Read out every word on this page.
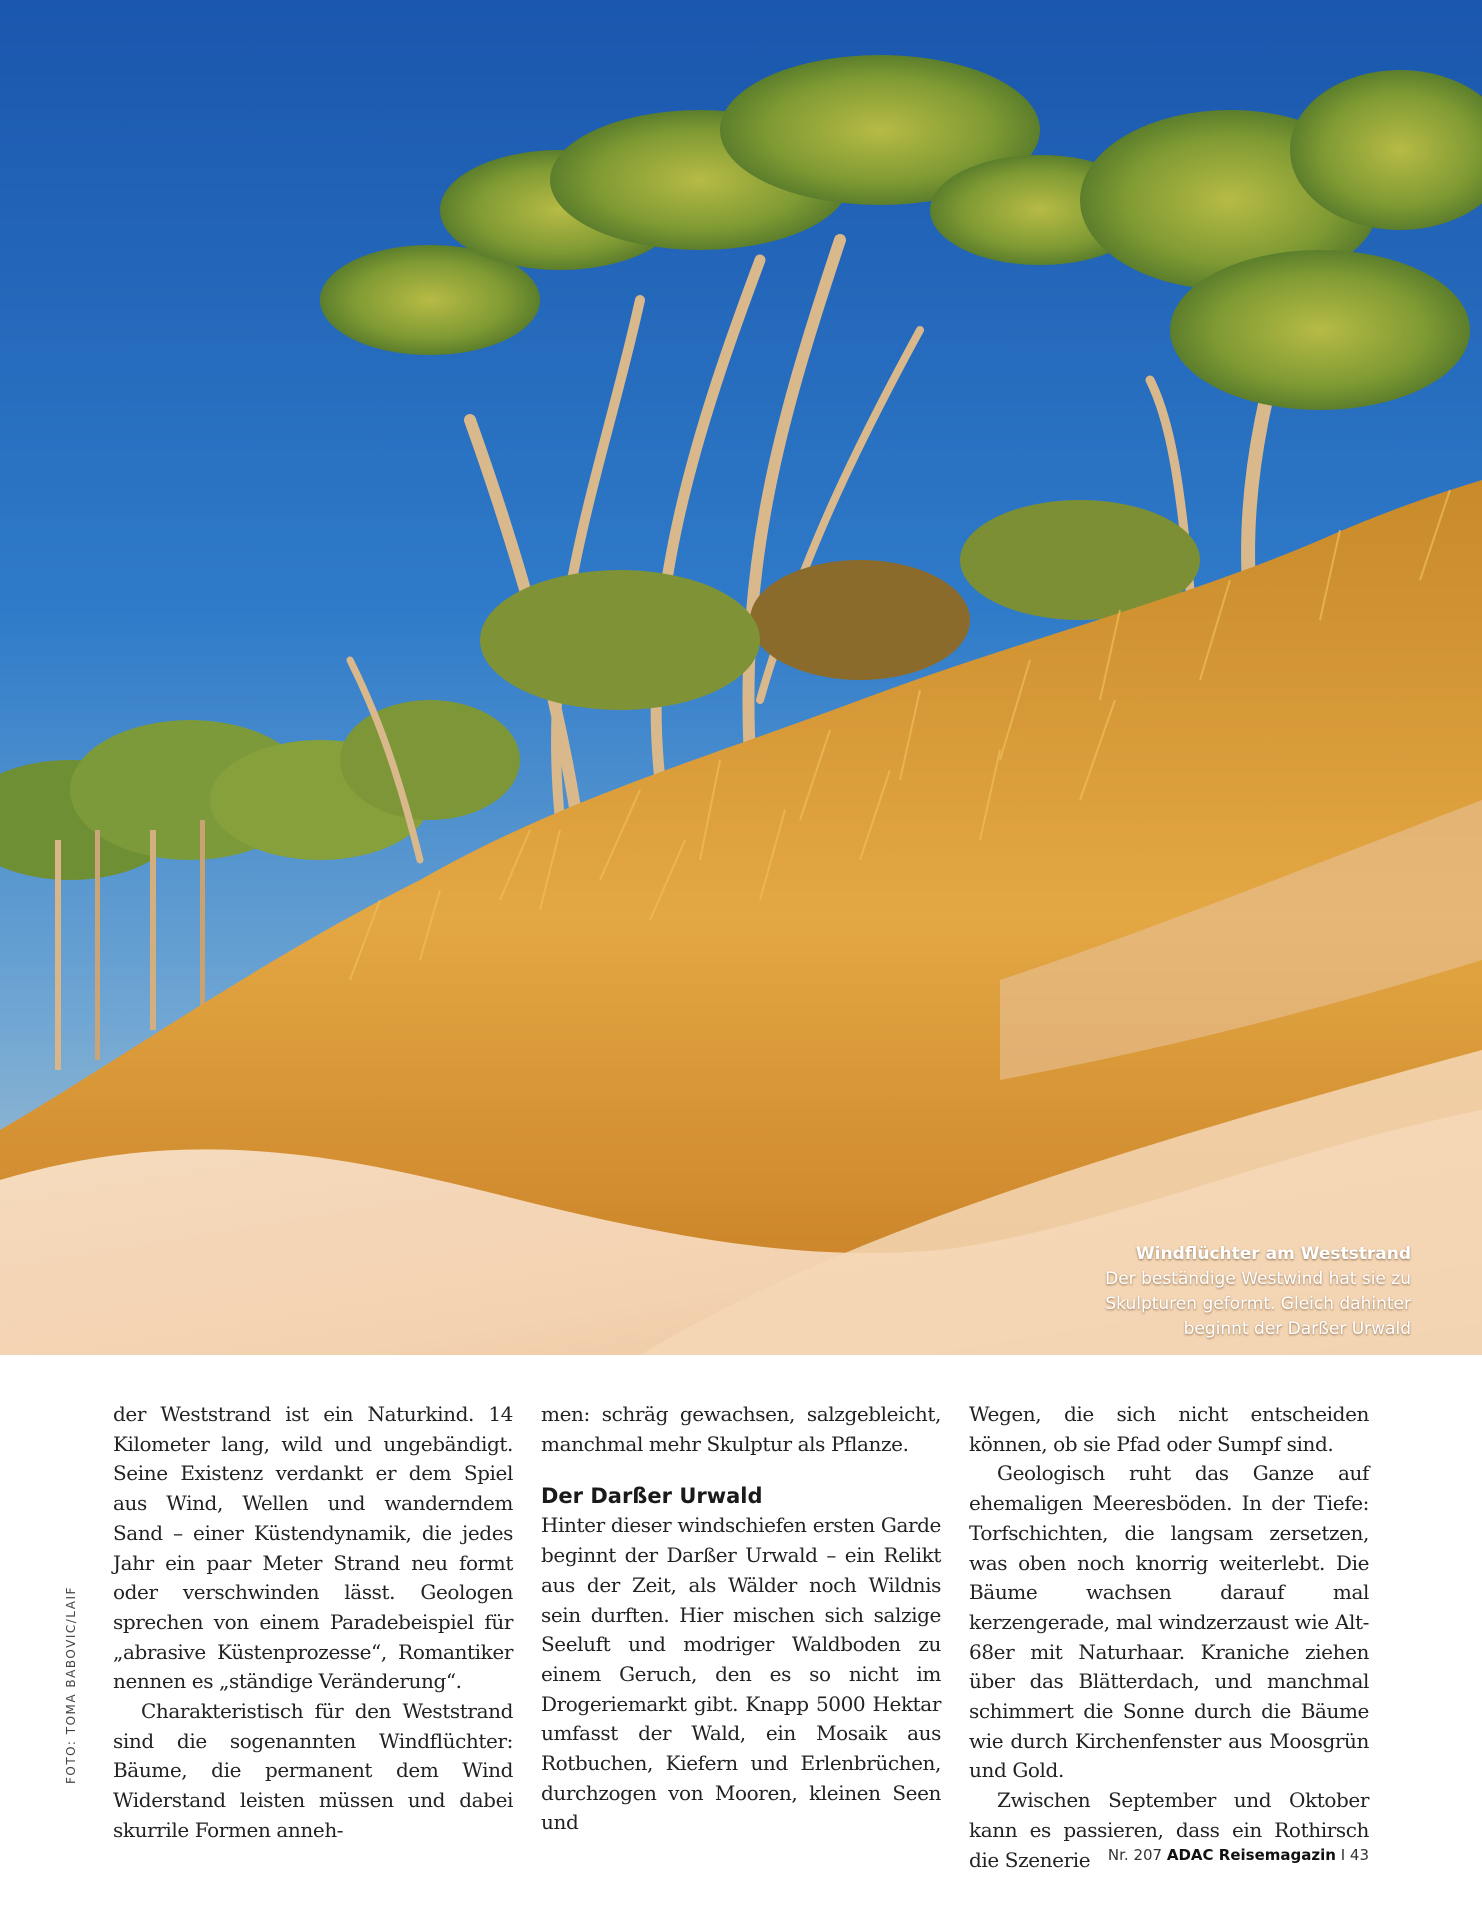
Windflüchter am Weststrand
Der beständige Westwind hat sie zu Skulpturen geformt. Gleich dahinter beginnt der Darßer Urwald
FOTO: TOMA BABOVIC/LAIF

der Weststrand ist ein Naturkind. 14 Kilometer lang, wild und ungebändigt. Seine Existenz verdankt er dem Spiel aus Wind, Wellen und wanderndem Sand – einer Küstendynamik, die jedes Jahr ein paar Meter Strand neu formt oder verschwinden lässt. Geologen sprechen von einem Paradebeispiel für „abrasive Küstenprozesse“, Romantiker nennen es „ständige Veränderung“.

Charakteristisch für den Weststrand sind die sogenannten Windflüchter: Bäume, die permanent dem Wind Widerstand leisten müssen und dabei skurrile Formen anneh-

men: schräg gewachsen, salzgebleicht, manchmal mehr Skulptur als Pflanze.

Der Darßer Urwald

Hinter dieser windschiefen ersten Garde beginnt der Darßer Urwald – ein Relikt aus der Zeit, als Wälder noch Wildnis sein durften. Hier mischen sich salzige Seeluft und modriger Waldboden zu einem Geruch, den es so nicht im Drogeriemarkt gibt. Knapp 5000 Hektar umfasst der Wald, ein Mosaik aus Rotbuchen, Kiefern und Erlenbrüchen, durchzogen von Mooren, kleinen Seen und

Wegen, die sich nicht entscheiden können, ob sie Pfad oder Sumpf sind.

Geologisch ruht das Ganze auf ehemaligen Meeresböden. In der Tiefe: Torfschichten, die langsam zersetzen, was oben noch knorrig weiterlebt. Die Bäume wachsen darauf mal kerzengerade, mal windzerzaust wie Alt-68er mit Naturhaar. Kraniche ziehen über das Blätterdach, und manchmal schimmert die Sonne durch die Bäume wie durch Kirchenfenster aus Moosgrün und Gold.

Zwischen September und Oktober kann es passieren, dass ein Rothirsch die Szenerie	Nr. 207 ADAC Reisemagazin I 43
